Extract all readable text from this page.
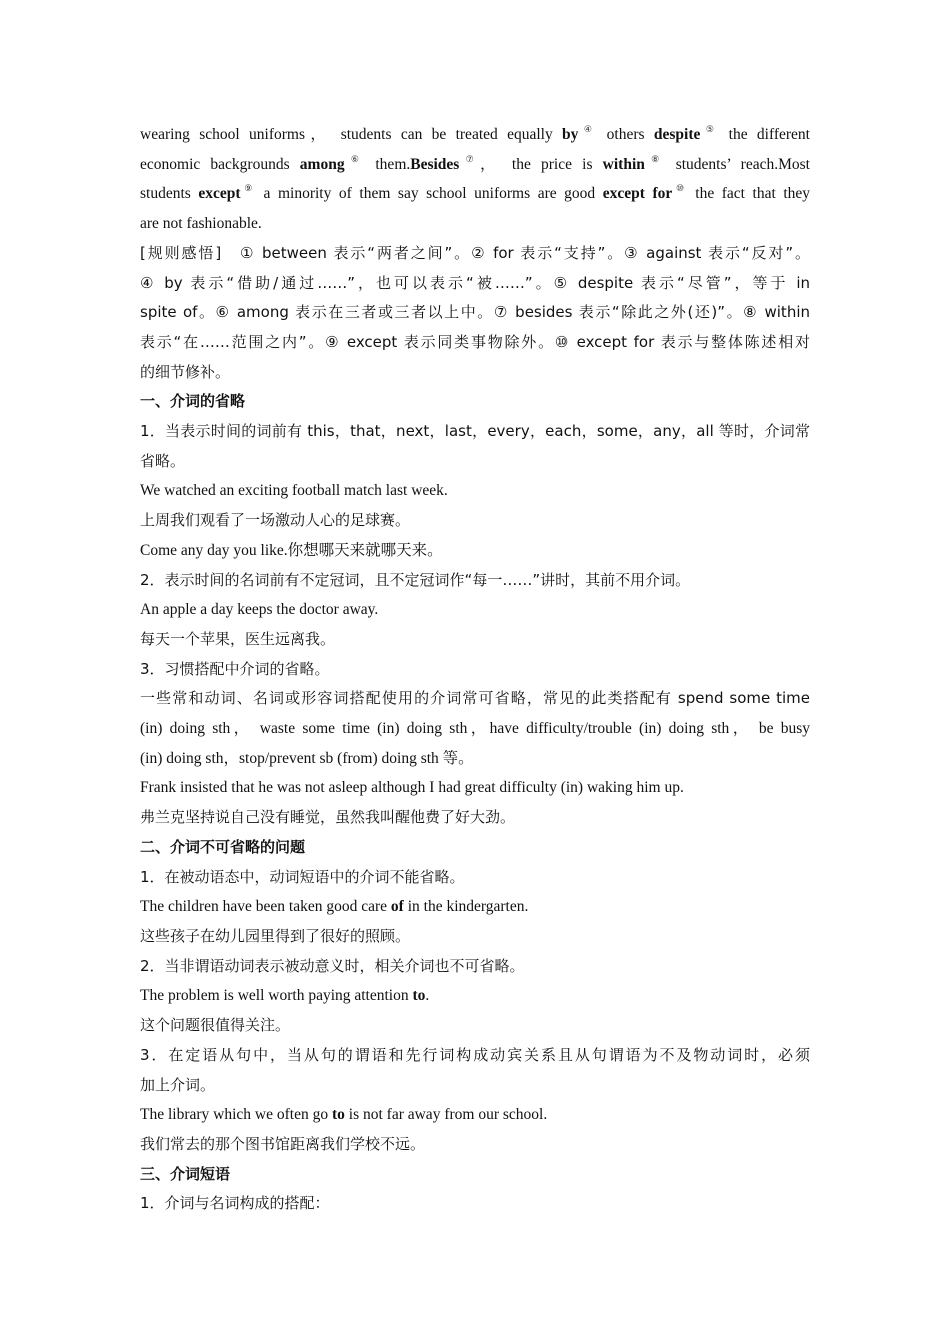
wearing school uniforms， students can be treated equally by④ others despite⑤ the different

economic backgrounds among⑥ them.Besides⑦， the price is within⑧ students’ reach.Most

students except⑨ a minority of them say school uniforms are good except for⑩ the fact that they

are not fashionable.

[规则感悟]　① between 表示“两者之间”。② for 表示“支持”。③ against 表示“反对”。

④ by 表示“借助/通过……”，也可以表示“被……”。⑤ despite 表示“尽管”，等于 in

spite of。⑥ among 表示在三者或三者以上中。⑦ besides 表示“除此之外(还)”。⑧ within

表示“在……范围之内”。⑨ except 表示同类事物除外。⑩ except for 表示与整体陈述相对

的细节修补。

一、介词的省略

1．当表示时间的词前有 this，that，next，last，every，each，some，any，all 等时，介词常

省略。

We watched an exciting football match last week.

上周我们观看了一场激动人心的足球赛。

Come any day you like.你想哪天来就哪天来。

2．表示时间的名词前有不定冠词，且不定冠词作“每一……”讲时，其前不用介词。

An apple a day keeps the doctor away.

每天一个苹果，医生远离我。

3．习惯搭配中介词的省略。

一些常和动词、名词或形容词搭配使用的介词常可省略，常见的此类搭配有 spend some time

(in) doing sth， waste some time (in) doing sth，have difficulty/trouble (in) doing sth， be busy

(in) doing sth，stop/prevent sb (from) doing sth 等。

Frank insisted that he was not asleep although I had great difficulty (in) waking him up.

弗兰克坚持说自己没有睡觉，虽然我叫醒他费了好大劲。

二、介词不可省略的问题

1．在被动语态中，动词短语中的介词不能省略。

The children have been taken good care of in the kindergarten.

这些孩子在幼儿园里得到了很好的照顾。

2．当非谓语动词表示被动意义时，相关介词也不可省略。

The problem is well worth paying attention to.

这个问题很值得关注。

3．在定语从句中，当从句的谓语和先行词构成动宾关系且从句谓语为不及物动词时，必须

加上介词。

The library which we often go to is not far away from our school.

我们常去的那个图书馆距离我们学校不远。

三、介词短语

1．介词与名词构成的搭配：
